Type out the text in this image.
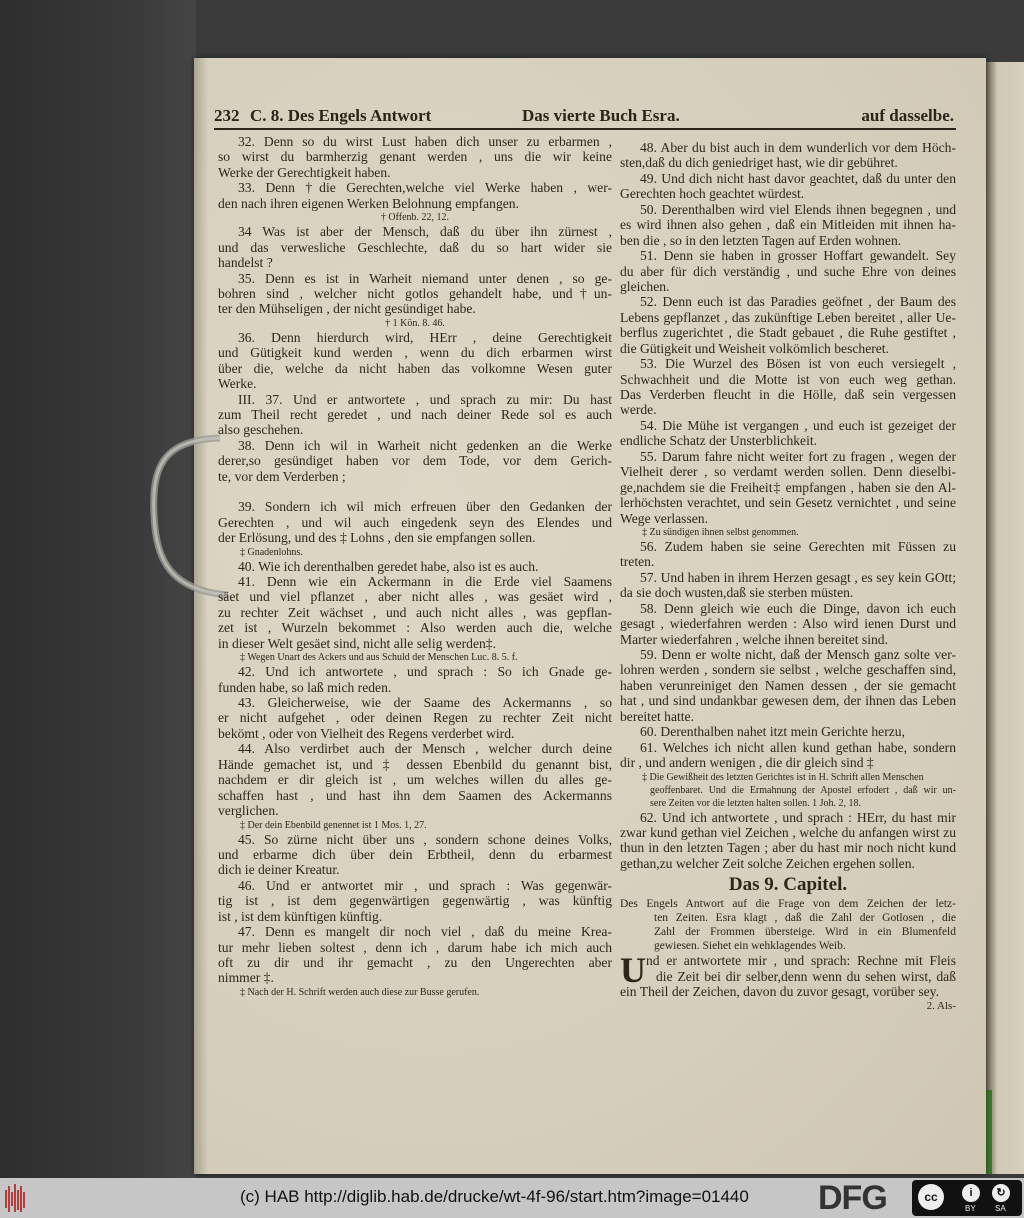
232 C. 8. Des Engels Antwort	Das vierte Buch Esra.	auf dasselbe.
32. Denn so du wirst Lust haben dich unser zu erbarmen ,
so wirst du barmherzig genant werden , uns die wir keine
Werke der Gerechtigkeit haben.
33. Denn †die Gerechten,welche viel Werke haben , wer-
den nach ihren eigenen Werken Belohnung empfangen.
† Offenb. 22, 12.
34 Was ist aber der Mensch, daß du über ihn zürnest ,
und das verwesliche Geschlechte, daß du so hart wider sie
handelst ?
35. Denn es ist in Warheit niemand unter denen , so ge-
bohren sind , welcher nicht gotlos gehandelt habe, und†un-
ter den Mühseligen , der nicht gesündiget habe.
† 1 Kön. 8. 46.
36. Denn hierdurch wird, HErr , deine Gerechtigkeit
und Gütigkeit kund werden , wenn du dich erbarmen wirst
über die, welche da nicht haben das volkomne Wesen guter
Werke.
III. 37. Und er antwortete , und sprach zu mir: Du hast
zum Theil recht geredet , und nach deiner Rede sol es auch
also geschehen.
38. Denn ich wil in Warheit nicht gedenken an die Werke
derer,so gesündiget haben vor dem Tode, vor dem Gerich-
te, vor dem Verderben ;
39. Sondern ich wil mich erfreuen über den Gedanken der
Gerechten , und wil auch eingedenk seyn des Elendes und
der Erlösung, und des ‡ Lohns , den sie empfangen sollen.
‡ Gnadenlohns.
40. Wie ich derenthalben geredet habe, also ist es auch.
41. Denn wie ein Ackermann in die Erde viel Saamens
säet und viel pflanzet , aber nicht alles , was gesäet wird ,
zu rechter Zeit wächset , und auch nicht alles , was gepflan-
zet ist , Wurzeln bekommet : Also werden auch die, welche
in dieser Welt gesäet sind, nicht alle selig werden‡.
‡ Wegen Unart des Ackers und aus Schuld der Menschen Luc. 8. 5. f.
42. Und ich antwortete , und sprach : So ich Gnade ge-
funden habe, so laß mich reden.
43. Gleicherweise, wie der Saame des Ackermanns , so
er nicht aufgehet , oder deinen Regen zu rechter Zeit nicht
bekömt , oder von Vielheit des Regens verderbet wird.
44. Also verdirbet auch der Mensch , welcher durch deine
Hände gemachet ist, und ‡ dessen Ebenbild du genannt bist,
nachdem er dir gleich ist , um welches willen du alles ge-
schaffen hast , und hast ihn dem Saamen des Ackermanns
verglichen.
‡ Der dein Ebenbild genennet ist 1 Mos. 1, 27.
45. So zürne nicht über uns , sondern schone deines Volks,
und erbarme dich über dein Erbtheil, denn du erbarmest
dich ie deiner Kreatur.
46. Und er antwortet mir , und sprach : Was gegenwär-
tig ist , ist dem gegenwärtigen gegenwärtig , was künftig
ist , ist dem künftigen künftig.
47. Denn es mangelt dir noch viel , daß du meine Krea-
tur mehr lieben soltest , denn ich , darum habe ich mich auch
oft zu dir und ihr gemacht , zu den Ungerechten aber
nimmer ‡.
‡ Nach der H. Schrift werden auch diese zur Busse gerufen.
48. Aber du bist auch in dem wunderlich vor dem Höch-
sten,daß du dich geniedriget hast, wie dir gebühret.
49. Und dich nicht hast davor geachtet, daß du unter den
Gerechten hoch geachtet würdest.
50. Derenthalben wird viel Elends ihnen begegnen , und
es wird ihnen also gehen , daß ein Mitleiden mit ihnen ha-
ben die , so in den letzten Tagen auf Erden wohnen.
51. Denn sie haben in grosser Hoffart gewandelt. Sey
du aber für dich verständig , und suche Ehre von deines
gleichen.
52. Denn euch ist das Paradies geöfnet , der Baum des
Lebens gepflanzet , das zukünftige Leben bereitet , aller Ue-
berflus zugerichtet , die Stadt gebauet , die Ruhe gestiftet ,
die Gütigkeit und Weisheit volkömlich bescheret.
53. Die Wurzel des Bösen ist von euch versiegelt ,
Schwachheit und die Motte ist von euch weg gethan.
Das Verderben fleucht in die Hölle, daß sein vergessen
werde.
54. Die Mühe ist vergangen , und euch ist gezeiget der
endliche Schatz der Unsterblichkeit.
55. Darum fahre nicht weiter fort zu fragen , wegen der
Vielheit derer , so verdamt werden sollen. Denn dieselbi-
ge,nachdem sie die Freiheit‡ empfangen , haben sie den Al-
lerhöchsten verachtet, und sein Gesetz vernichtet , und seine
Wege verlassen.
‡ Zu sündigen ihnen selbst genommen.
56. Zudem haben sie seine Gerechten mit Füssen zu
treten.
57. Und haben in ihrem Herzen gesagt , es sey kein GOtt;
da sie doch wusten,daß sie sterben müsten.
58. Denn gleich wie euch die Dinge, davon ich euch
gesagt , wiederfahren werden : Also wird ienen Durst und
Marter wiederfahren , welche ihnen bereitet sind.
59. Denn er wolte nicht, daß der Mensch ganz solte ver-
lohren werden , sondern sie selbst , welche geschaffen sind,
haben verunreiniget den Namen dessen , der sie gemacht
hat , und sind undankbar gewesen dem, der ihnen das Leben
bereitet hatte.
60. Derenthalben nahet itzt mein Gerichte herzu,
61. Welches ich nicht allen kund gethan habe, sondern
dir , und andern wenigen , die dir gleich sind ‡
‡ Die Gewißheit des letzten Gerichtes ist in H. Schrift allen Menschen
geoffenbaret. Und die Ermahnung der Apostel erfodert , daß wir un-
sere Zeiten vor die letzten halten sollen. 1 Joh. 2, 18.
62. Und ich antwortete , und sprach : HErr, du hast mir
zwar kund gethan viel Zeichen , welche du anfangen wirst zu
thun in den letzten Tagen ; aber du hast mir noch nicht kund
gethan,zu welcher Zeit solche Zeichen ergehen sollen.
Das 9. Capitel.
Des Engels Antwort auf die Frage von dem Zeichen der letz-
ten Zeiten. Esra klagt , daß die Zahl der Gotlosen , die
Zahl der Frommen übersteige. Wird in ein Blumenfeld
gewiesen. Siehet ein wehklagendes Weib.
U nd er antwortete mir , und sprach: Rechne mit Fleis
die Zeit bei dir selber,denn wenn du sehen wirst, daß
ein Theil der Zeichen, davon du zuvor gesagt, vorüber sey.
2. Als-
(c) HAB http://diglib.hab.de/drucke/wt-4f-96/start.htm?image=01440 DFG	cc	i	↻
BY SA
